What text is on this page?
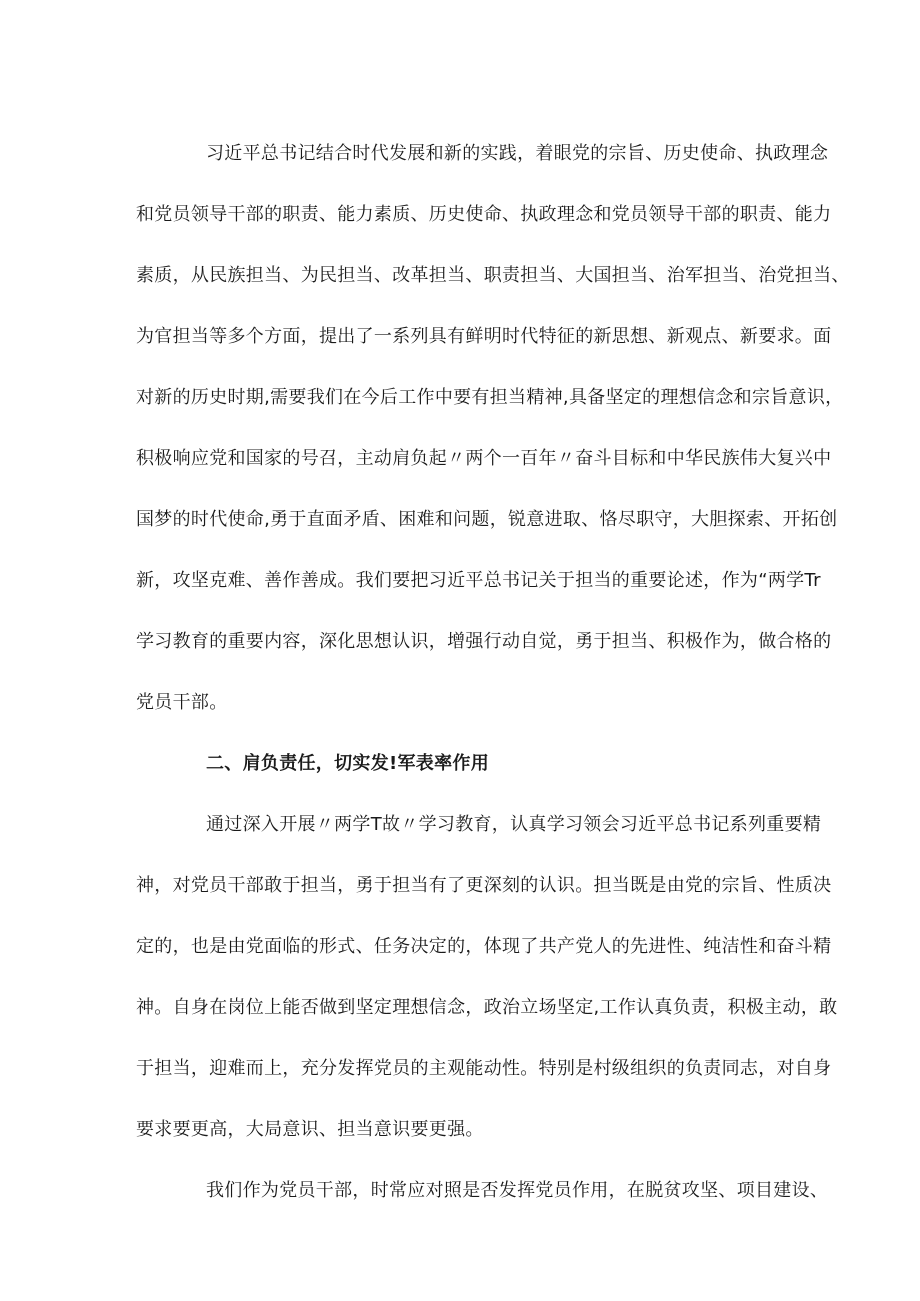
习近平总书记结合时代发展和新的实践，着眼党的宗旨、历史使命、执政理念
和党员领导干部的职责、能力素质、历史使命、执政理念和党员领导干部的职责、能力
素质，从民族担当、为民担当、改革担当、职责担当、大国担当、治军担当、治党担当、
为官担当等多个方面，提出了一系列具有鲜明时代特征的新思想、新观点、新要求。面
对新的历史时期,需要我们在今后工作中要有担当精神,具备坚定的理想信念和宗旨意识，
积极响应党和国家的号召，主动肩负起〃两个一百年〃奋斗目标和中华民族伟大复兴中
国梦的时代使命,勇于直面矛盾、困难和问题，锐意进取、恪尽职守，大胆探索、开拓创
新，攻坚克难、善作善成。我们要把习近平总书记关于担当的重要论述，作为“两学Tr
学习教育的重要内容，深化思想认识，增强行动自觉，勇于担当、积极作为，做合格的
党员干部。
二、肩负责任，切实发!军表率作用
通过深入开展〃两学T故〃学习教育，认真学习领会习近平总书记系列重要精
神，对党员干部敢于担当，勇于担当有了更深刻的认识。担当既是由党的宗旨、性质决
定的，也是由党面临的形式、任务决定的，体现了共产党人的先进性、纯洁性和奋斗精
神。自身在岗位上能否做到坚定理想信念，政治立场坚定,工作认真负责，积极主动，敢
于担当，迎难而上，充分发挥党员的主观能动性。特别是村级组织的负责同志，对自身
要求要更高，大局意识、担当意识要更强。
我们作为党员干部，时常应对照是否发挥党员作用，在脱贫攻坚、项目建设、
